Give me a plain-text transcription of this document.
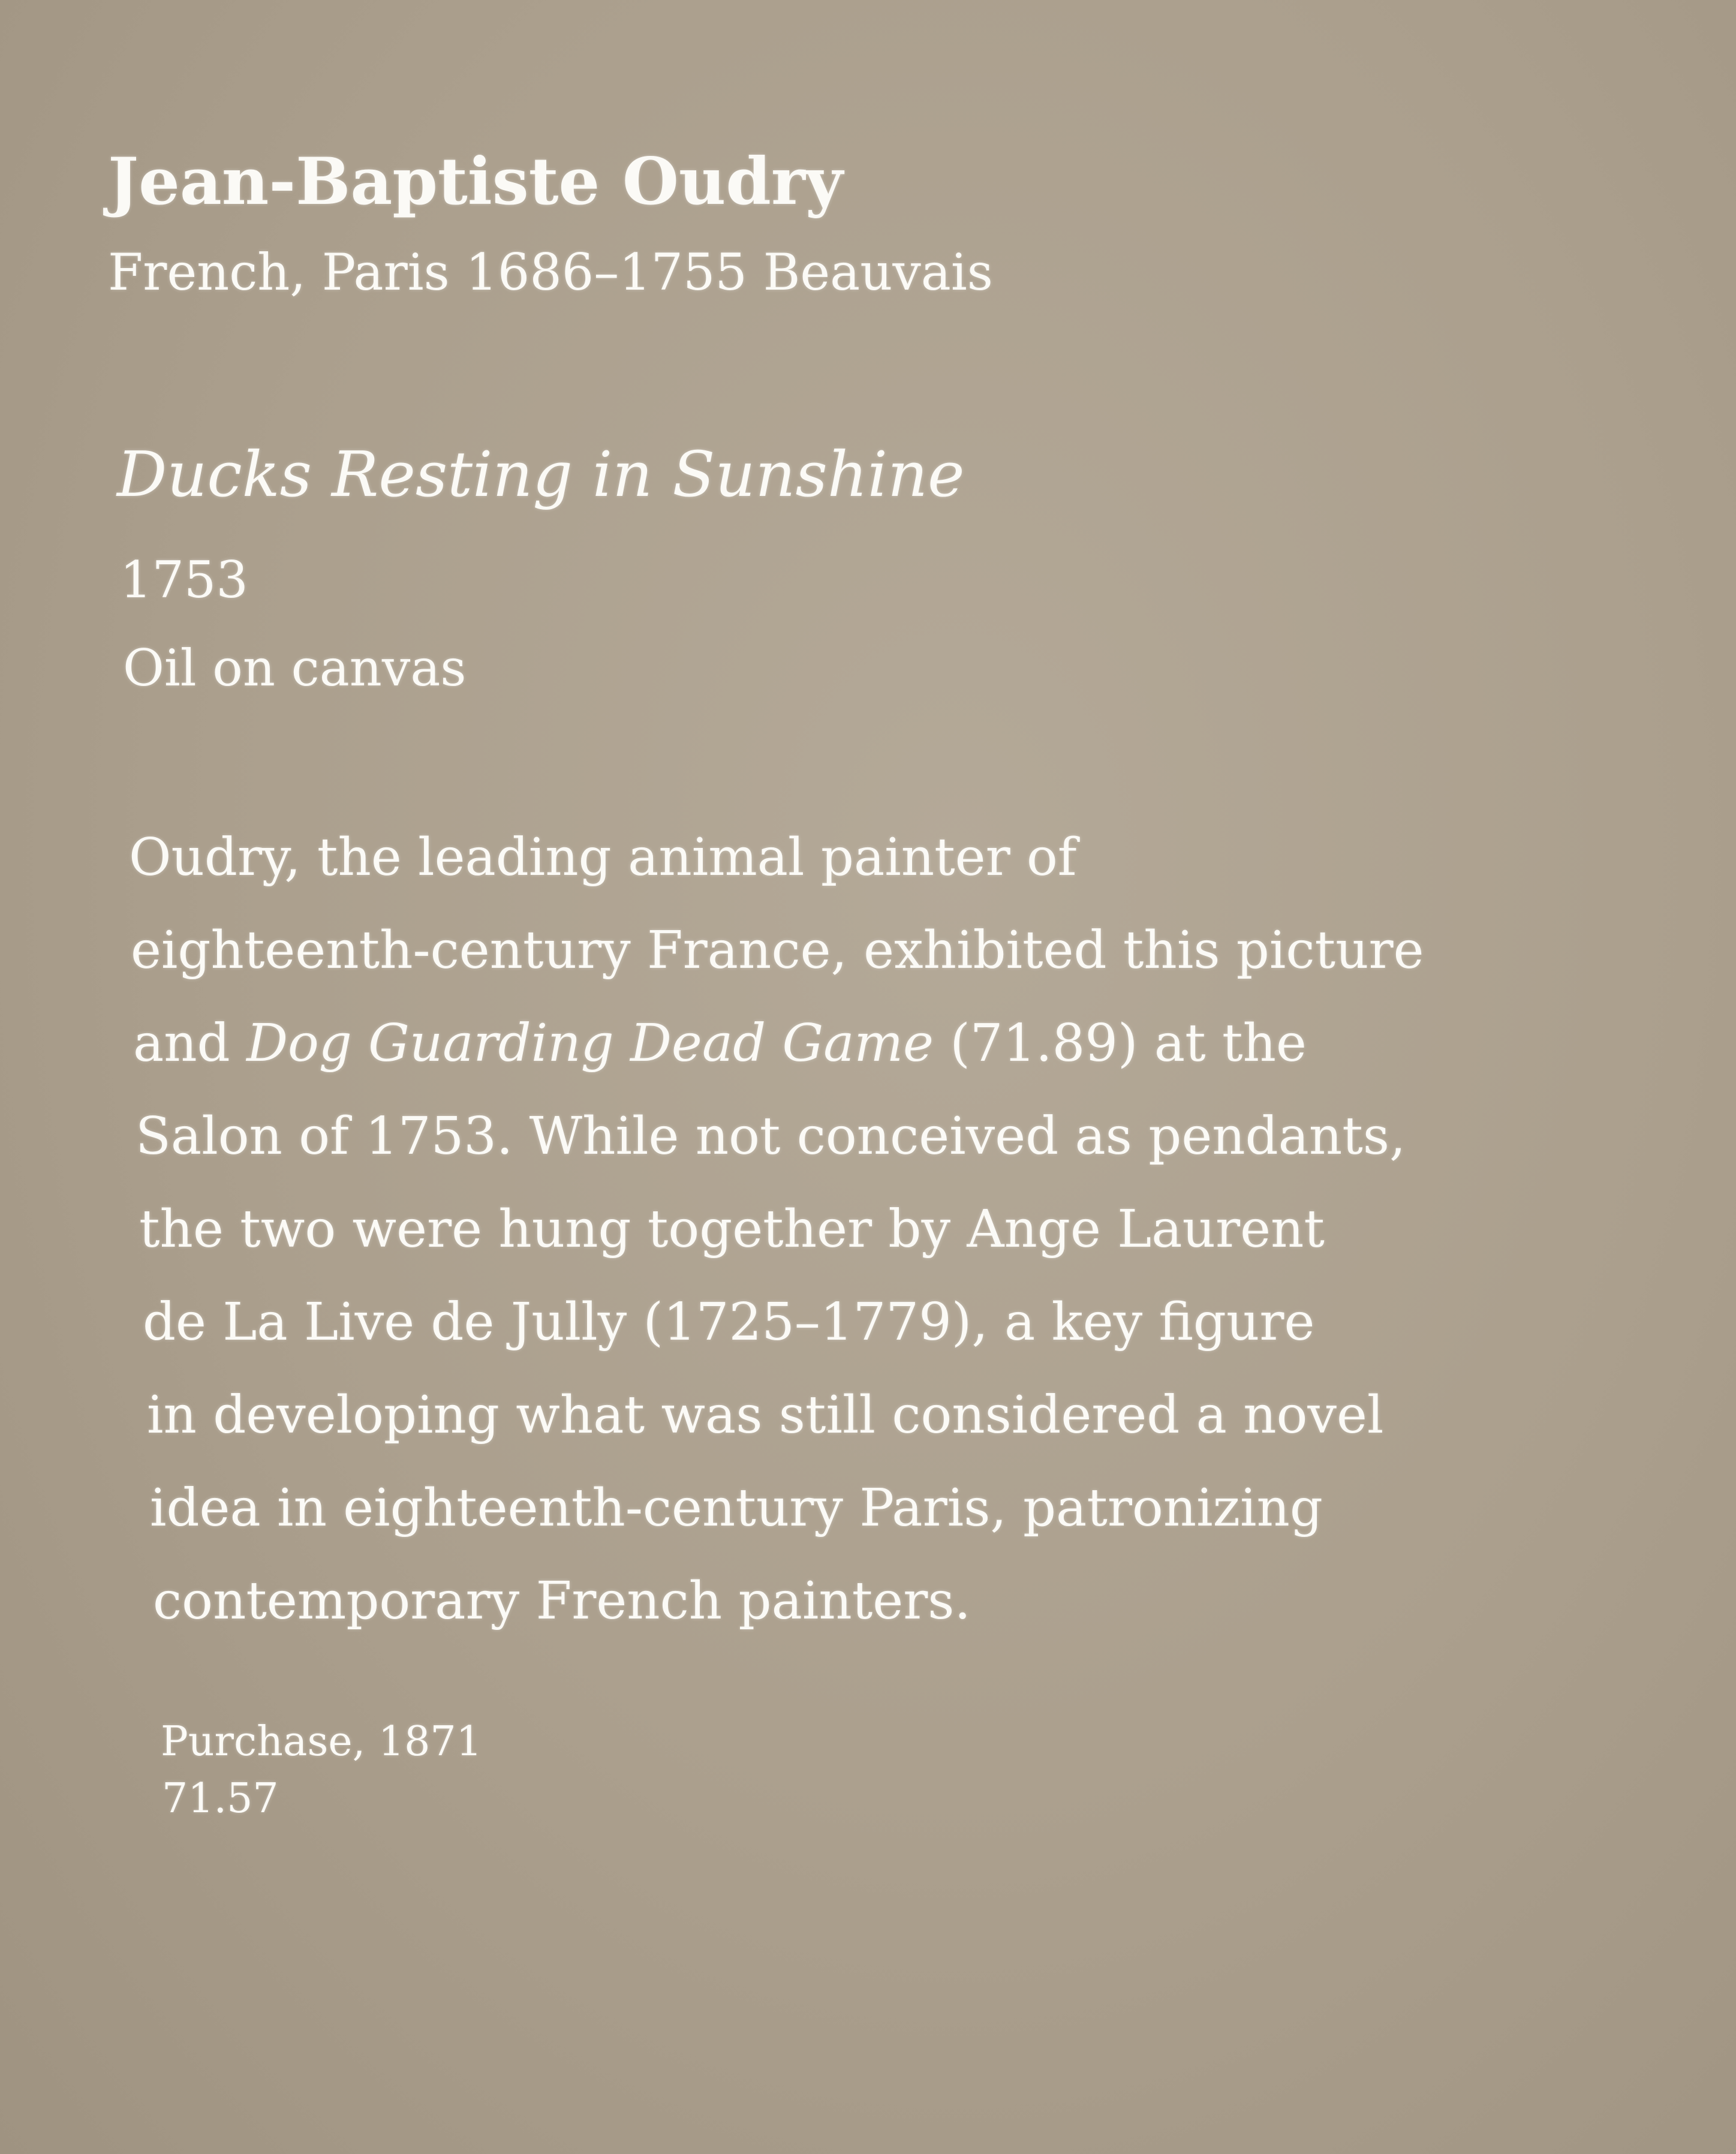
Jean-Baptiste Oudry
French, Paris 1686–1755 Beauvais
Ducks Resting in Sunshine
1753
Oil on canvas
Oudry, the leading animal painter of
eighteenth-century France, exhibited this picture
and Dog Guarding Dead Game (71.89) at the
Salon of 1753. While not conceived as pendants,
the two were hung together by Ange Laurent
de La Live de Jully (1725–1779), a key figure
in developing what was still considered a novel
idea in eighteenth-century Paris, patronizing
contemporary French painters.
Purchase, 1871
71.57
